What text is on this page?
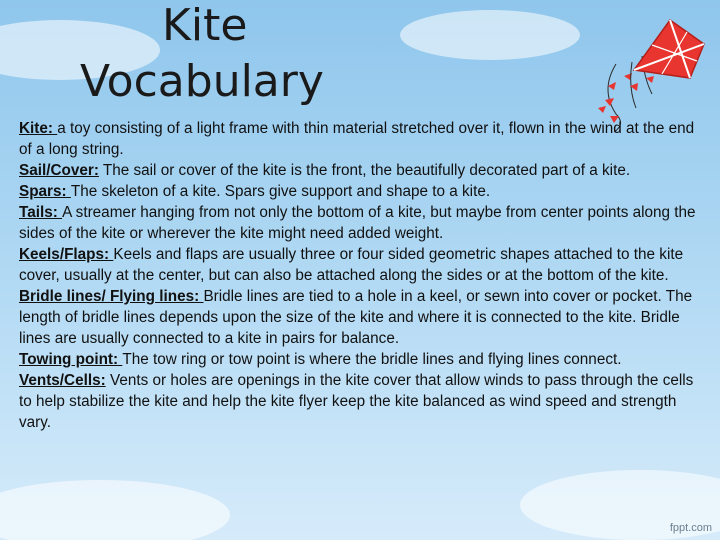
Kite
Vocabulary

Kite: a toy consisting of a light frame with thin material stretched over it, flown in the wind at the end of a long string.

Sail/Cover: The sail or cover of the kite is the front, the beautifully decorated part of a kite.

Spars: The skeleton of a kite. Spars give support and shape to a kite.

Tails: A streamer hanging from not only the bottom of a kite, but maybe from center points along the sides of the kite or wherever the kite might need added weight.

Keels/Flaps: Keels and flaps are usually three or four sided geometric shapes attached to the kite cover, usually at the center, but can also be attached along the sides or at the bottom of the kite.

Bridle lines/ Flying lines: Bridle lines are tied to a hole in a keel, or sewn into cover or pocket. The length of bridle lines depends upon the size of the kite and where it is connected to the kite. Bridle lines are usually connected to a kite in pairs for balance.

Towing point: The tow ring or tow point is where the bridle lines and flying lines connect.

Vents/Cells: Vents or holes are openings in the kite cover that allow winds to pass through the cells to help stabilize the kite and help the kite flyer keep the kite balanced as wind speed and strength vary.

fppt.com
